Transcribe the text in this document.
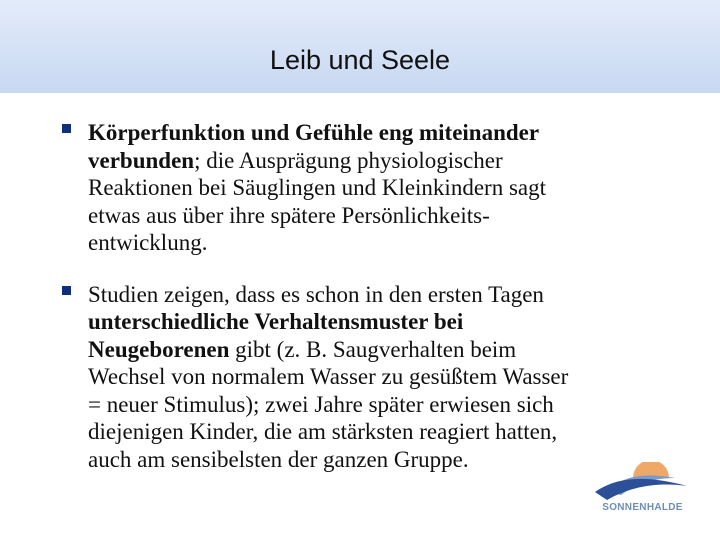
Leib und Seele
Körperfunktion und Gefühle eng miteinander
verbunden; die Ausprägung physiologischer
Reaktionen bei Säuglingen und Kleinkindern sagt
etwas aus über ihre spätere Persönlichkeits-
entwicklung.
Studien zeigen, dass es schon in den ersten Tagen
unterschiedliche Verhaltensmuster bei
Neugeborenen gibt (z. B. Saugverhalten beim
Wechsel von normalem Wasser zu gesüßtem Wasser
= neuer Stimulus); zwei Jahre später erwiesen sich
diejenigen Kinder, die am stärksten reagiert hatten,
auch am sensibelsten der ganzen Gruppe.
SONNENHALDE
